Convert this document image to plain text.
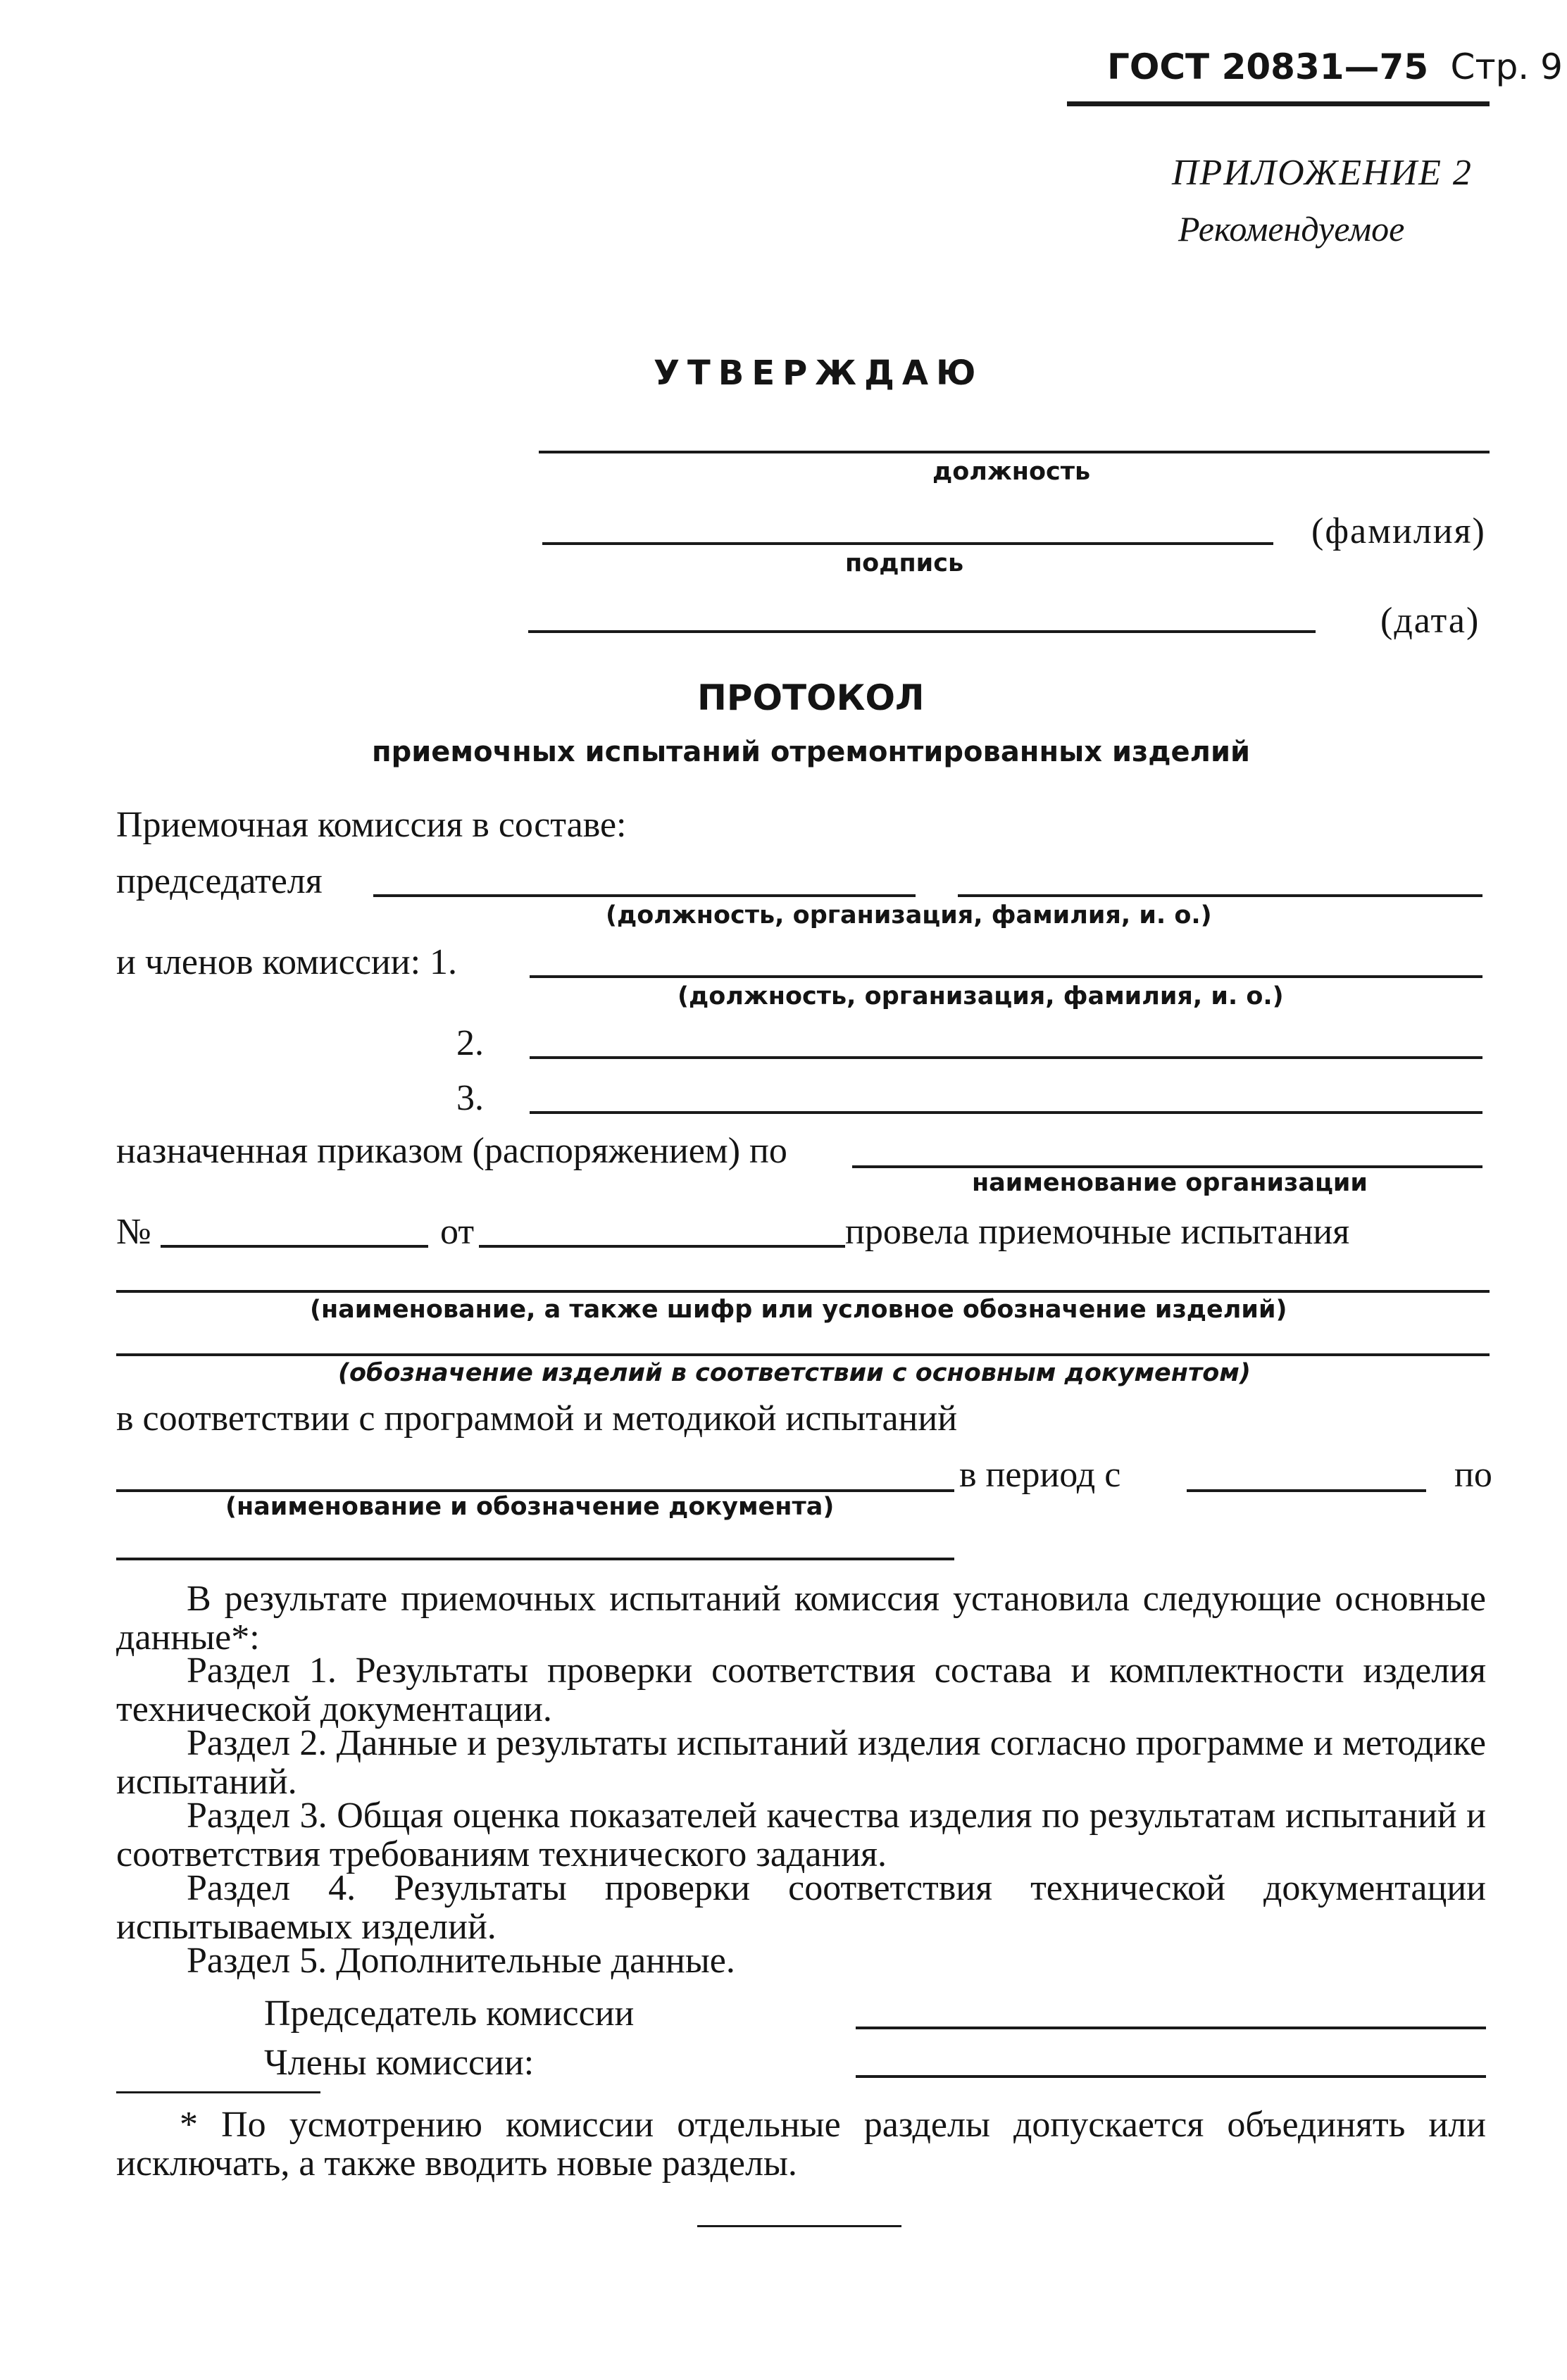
ГОСТ 20831—75 Стр. 9
ПРИЛОЖЕНИЕ 2
Рекомендуемое
УТВЕРЖДАЮ
должность
(фамилия)
подпись
(дата)
ПРОТОКОЛ
приемочных испытаний отремонтированных изделий
Приемочная комиссия в составе:
председателя
(должность, организация, фамилия, и. о.)
и членов комиссии: 1.
(должность, организация, фамилия, и. о.)
2.
3.
назначенная приказом (распоряжением) по
наименование организации
№	от	провела приемочные испытания
(наименование, а также шифр или условное обозначение изделий)
(обозначение изделий в соответствии с основным документом)
в соответствии с программой и методикой испытаний
в период с	по
(наименование и обозначение документа)
В результате приемочных испытаний комиссия установила следующие основные данные*:
Раздел 1. Результаты проверки соответствия состава и комплектности изделия технической документации.
Раздел 2. Данные и результаты испытаний изделия согласно программе и методике испытаний.
Раздел 3. Общая оценка показателей качества изделия по результатам испытаний и соответствия требованиям технического задания.
Раздел 4. Результаты проверки соответствия технической документации испытываемых изделий.
Раздел 5. Дополнительные данные.
Председатель комиссии
Члены комиссии:
* По усмотрению комиссии отдельные разделы допускается объединять или исключать, а также вводить новые разделы.
